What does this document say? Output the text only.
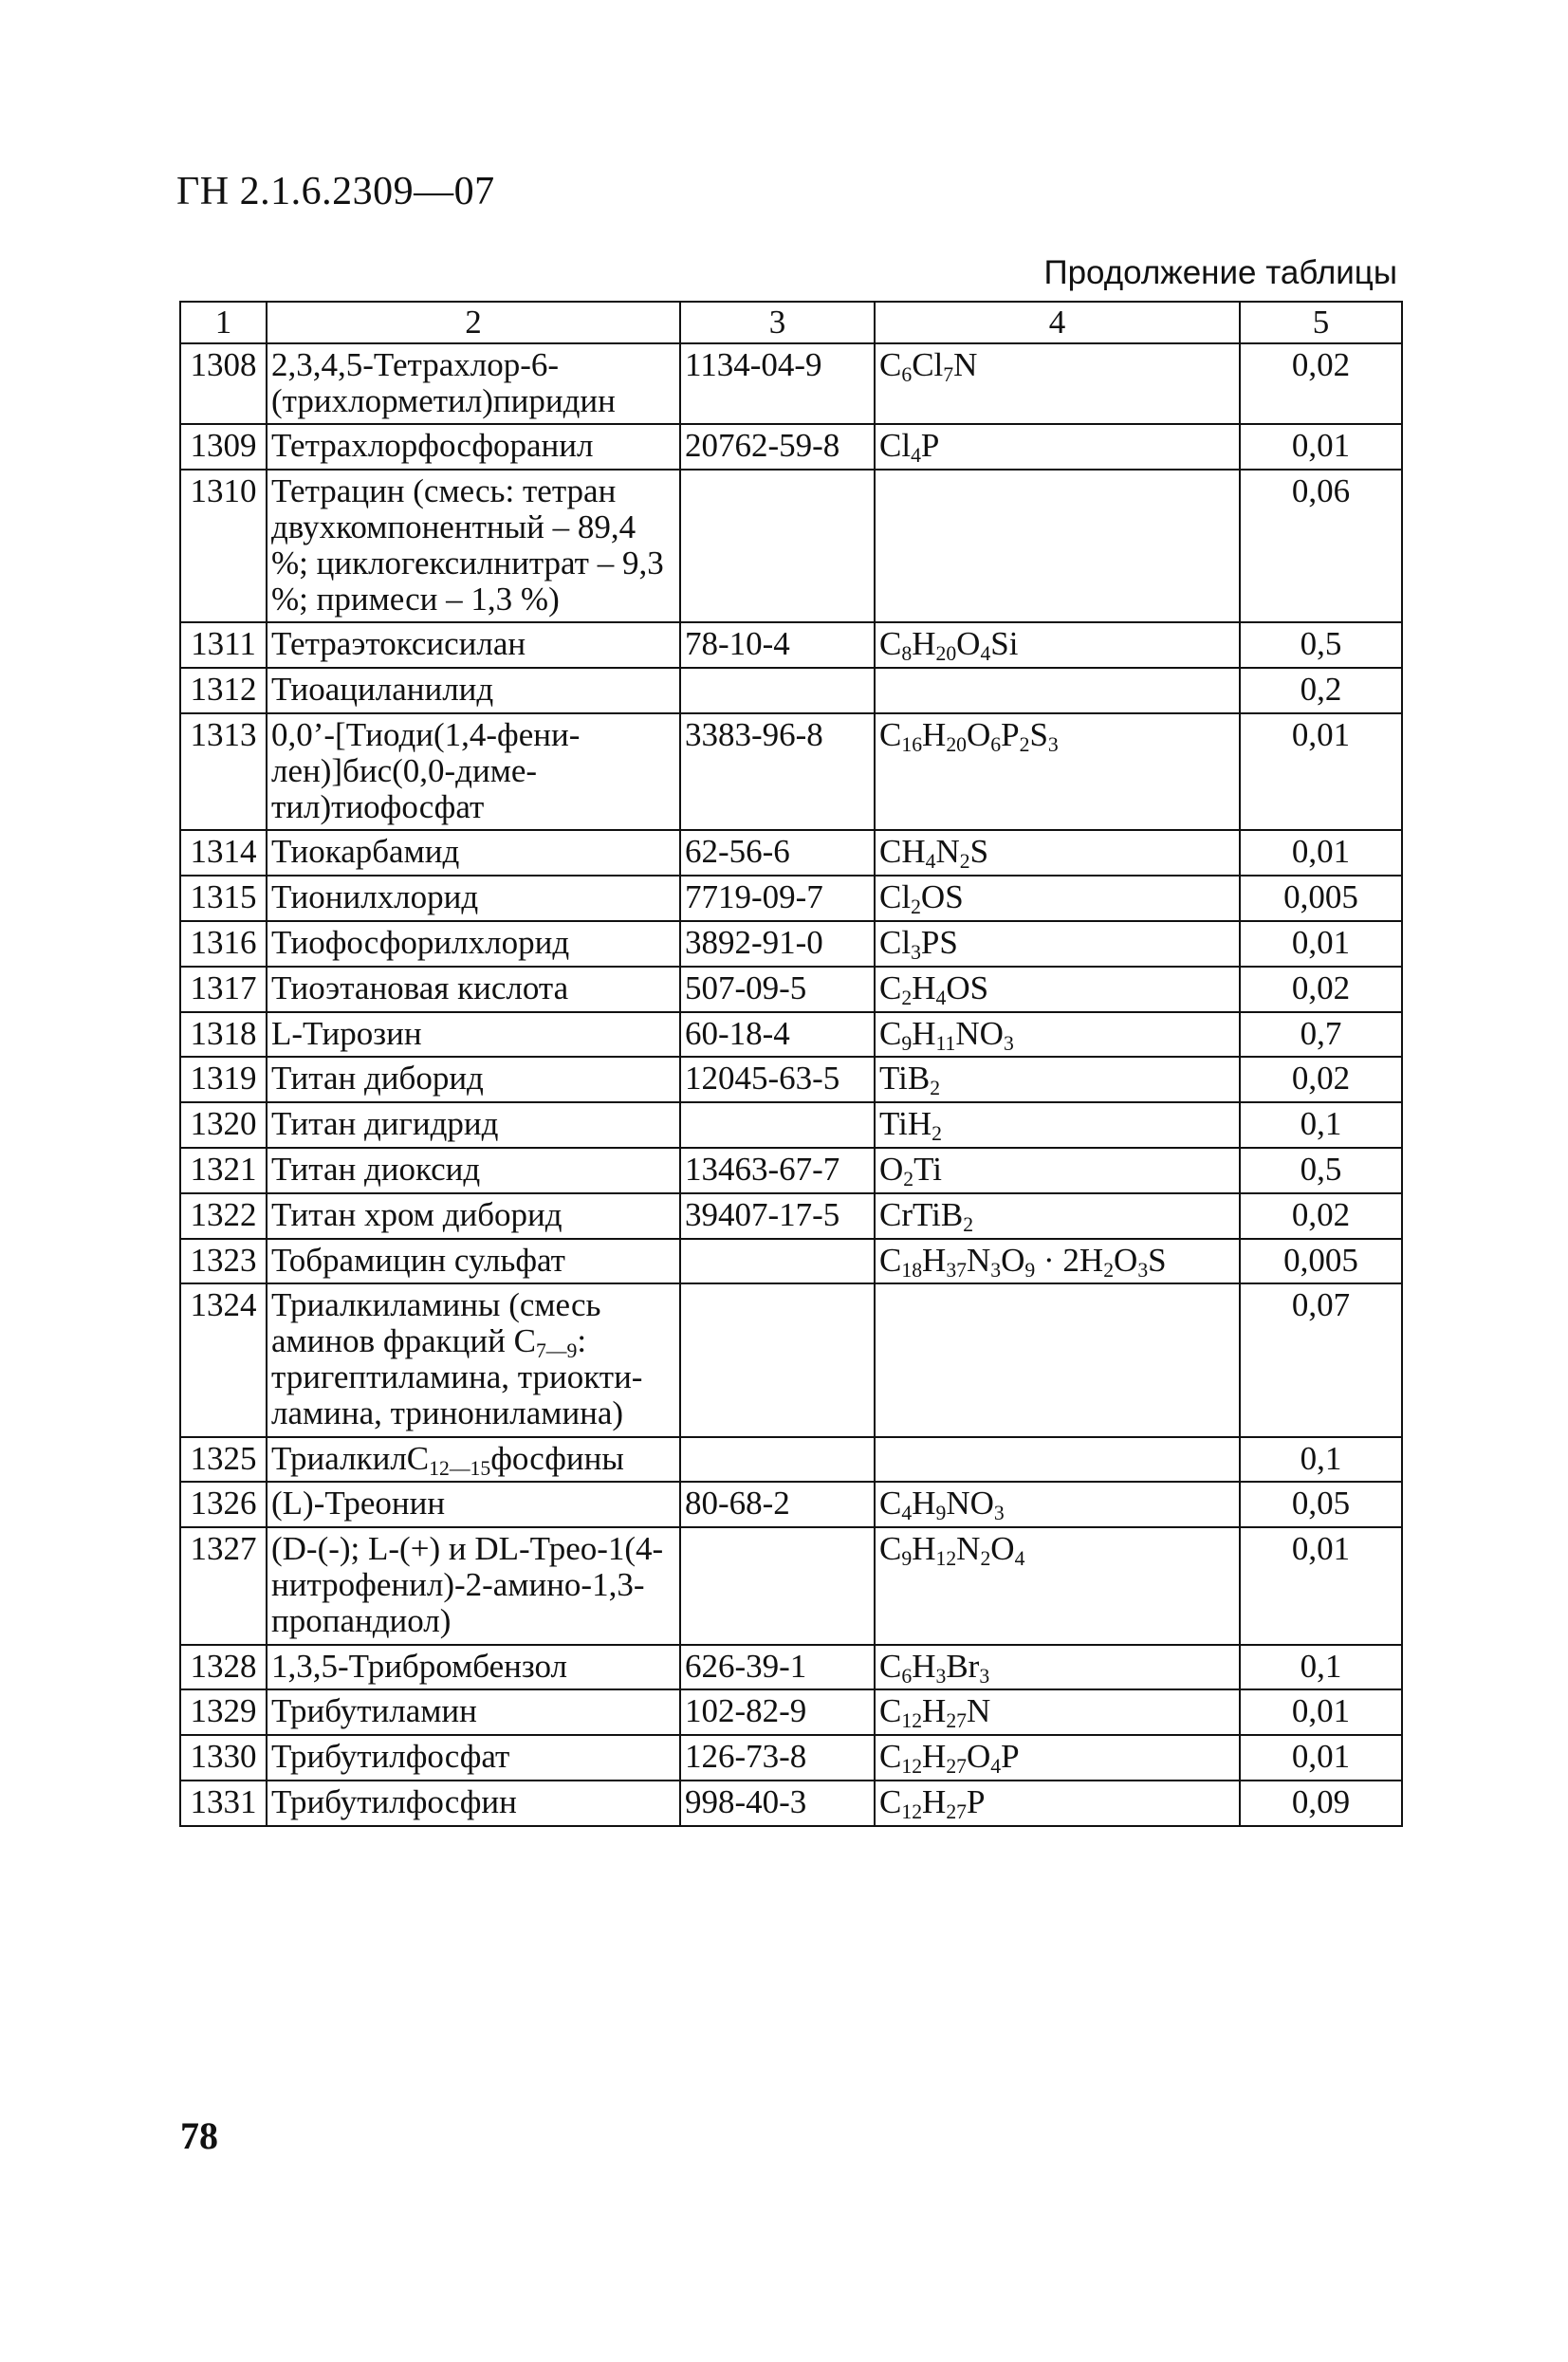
ГН 2.1.6.2309—07
Продолжение таблицы
1	2	3	4	5
1308	2,3,4,5-Тетрахлор-6-(трихлорметил)пиридин	1134-04-9	$C_6Cl_7N$	0,02
1309	Тетрахлорфосфоранил	20762-59-8	$Cl_4P$	0,01
1310	Тетрацин (смесь: тетран двухкомпонентный – 89,4 %; циклогексилнитрат – 9,3 %; примеси – 1,3 %)			0,06
1311	Тетраэтоксисилан	78-10-4	$C_8H_{20}O_4Si$	0,5
1312	Тиоациланилид			0,2
1313	0,0’-[Тиоди(1,4-фени-лен)]бис(0,0-диме-тил)тиофосфат	3383-96-8	$C_{16}H_{20}O_6P_2S_3$	0,01
1314	Тиокарбамид	62-56-6	$CH_4N_2S$	0,01
1315	Тионилхлорид	7719-09-7	$Cl_2OS$	0,005
1316	Тиофосфорилхлорид	3892-91-0	$Cl_3PS$	0,01
1317	Тиоэтановая кислота	507-09-5	$C_2H_4OS$	0,02
1318	L-Тирозин	60-18-4	$C_9H_{11}NO_3$	0,7
1319	Титан диборид	12045-63-5	TiB$_2$	0,02
1320	Титан дигидрид		TiH$_2$	0,1
1321	Титан диоксид	13463-67-7	$O_2Ti$	0,5
1322	Титан хром диборид	39407-17-5	CrTiB$_2$	0,02
1323	Тобрамицин сульфат		$C_{18}H_{37}N_3O_9 \cdot 2H_2O_3S$	0,005
1324	Триалкиламины (смесь аминов фракций $C_{7—9}$: тригептиламина, триокти-ламина, тринониламина)			0,07
1325	ТриалкилC$_{12—15}$фосфины			0,1
1326	(L)-Треонин	80-68-2	$C_4H_9NO_3$	0,05
1327	(D-(-); L-(+) и DL-Трео-1(4-нитрофенил)-2-амино-1,3-пропандиол)		$C_9H_{12}N_2O_4$	0,01
1328	1,3,5-Трибромбензол	626-39-1	$C_6H_3Br_3$	0,1
1329	Трибутиламин	102-82-9	$C_{12}H_{27}N$	0,01
1330	Трибутилфосфат	126-73-8	$C_{12}H_{27}O_4P$	0,01
1331	Трибутилфосфин	998-40-3	$C_{12}H_{27}P$	0,09
78
